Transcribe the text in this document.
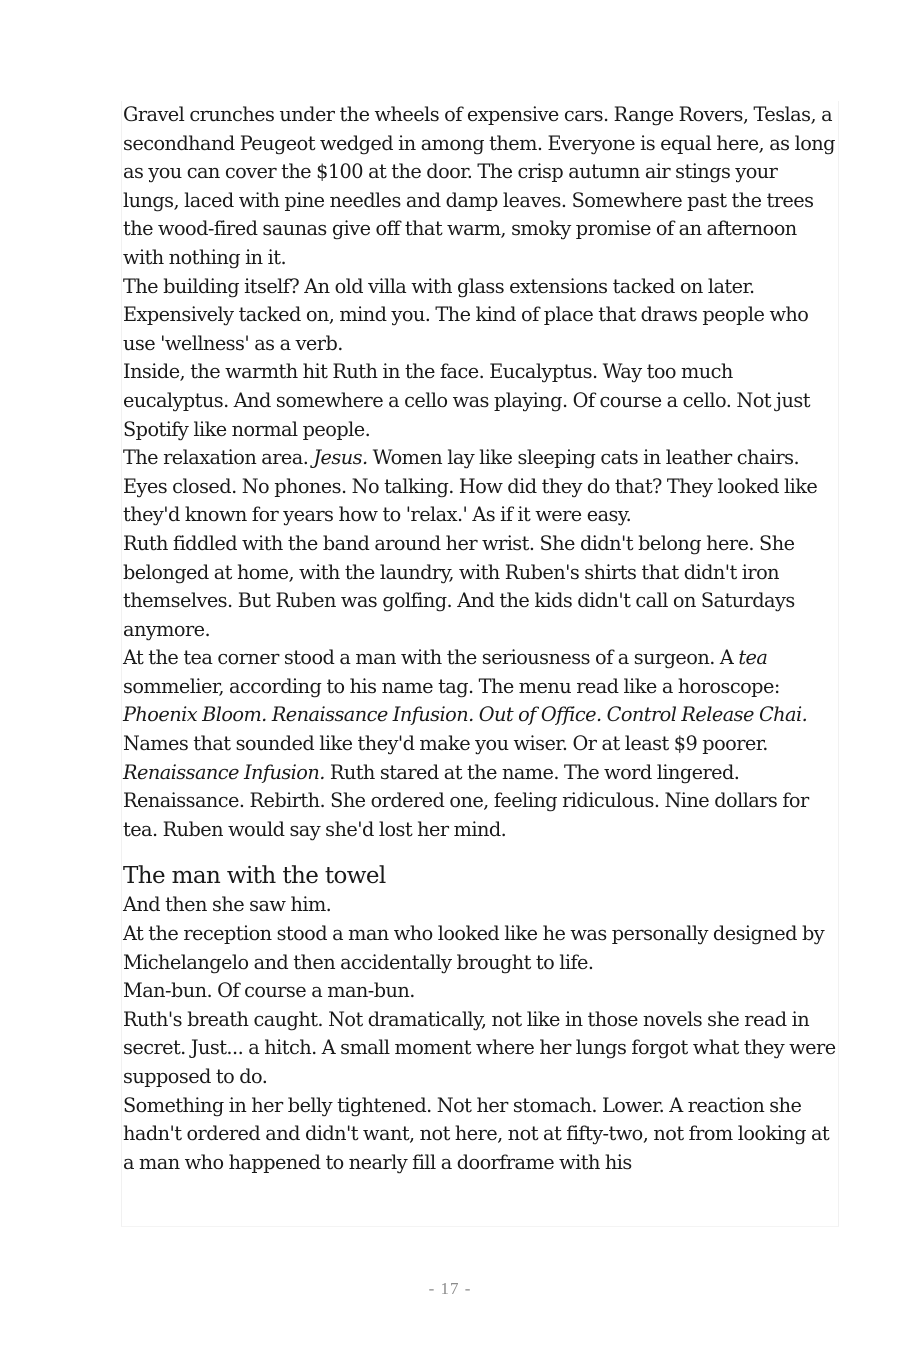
Gravel crunches under the wheels of expensive cars. Range Rovers, Teslas, a secondhand Peugeot wedged in among them. Everyone is equal here, as long as you can cover the $100 at the door. The crisp autumn air stings your lungs, laced with pine needles and damp leaves. Somewhere past the trees the wood-fired saunas give off that warm, smoky promise of an afternoon with nothing in it.

The building itself? An old villa with glass extensions tacked on later. Expensively tacked on, mind you. The kind of place that draws people who use 'wellness' as a verb.

Inside, the warmth hit Ruth in the face. Eucalyptus. Way too much eucalyptus. And somewhere a cello was playing. Of course a cello. Not just Spotify like normal people.

The relaxation area. Jesus. Women lay like sleeping cats in leather chairs. Eyes closed. No phones. No talking. How did they do that? They looked like they'd known for years how to 'relax.' As if it were easy.

Ruth fiddled with the band around her wrist. She didn't belong here. She belonged at home, with the laundry, with Ruben's shirts that didn't iron themselves. But Ruben was golfing. And the kids didn't call on Saturdays anymore.

At the tea corner stood a man with the seriousness of a surgeon. A tea sommelier, according to his name tag. The menu read like a horoscope: Phoenix Bloom. Renaissance Infusion. Out of Office. Control Release Chai. Names that sounded like they'd make you wiser. Or at least $9 poorer.

Renaissance Infusion. Ruth stared at the name. The word lingered. Renaissance. Rebirth. She ordered one, feeling ridiculous. Nine dollars for tea. Ruben would say she'd lost her mind.

The man with the towel

And then she saw him.

At the reception stood a man who looked like he was personally designed by Michelangelo and then accidentally brought to life.

Man-bun. Of course a man-bun.

Ruth's breath caught. Not dramatically, not like in those novels she read in secret. Just... a hitch. A small moment where her lungs forgot what they were supposed to do.

Something in her belly tightened. Not her stomach. Lower. A reaction she hadn't ordered and didn't want, not here, not at fifty-two, not from looking at a man who happened to nearly fill a doorframe with his

- 17 -
